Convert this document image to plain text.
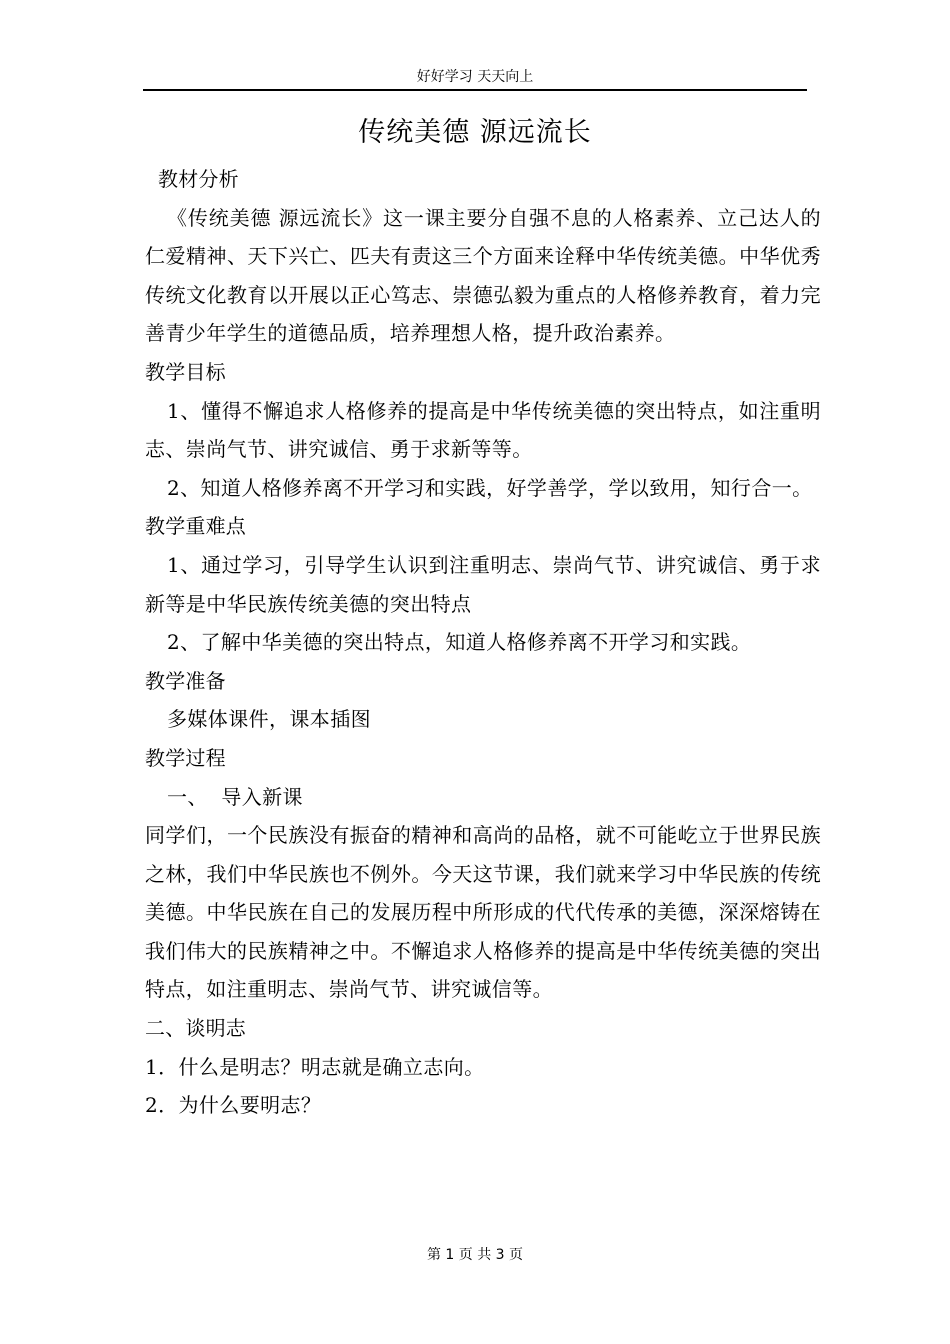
好好学习 天天向上
传统美德 源远流长

教材分析

《传统美德 源远流长》这一课主要分自强不息的人格素养、立己达人的仁爱精神、天下兴亡、匹夫有责这三个方面来诠释中华传统美德。中华优秀传统文化教育以开展以正心笃志、崇德弘毅为重点的人格修养教育，着力完善青少年学生的道德品质，培养理想人格，提升政治素养。

教学目标

1、懂得不懈追求人格修养的提高是中华传统美德的突出特点，如注重明志、崇尚气节、讲究诚信、勇于求新等等。

2、知道人格修养离不开学习和实践，好学善学，学以致用，知行合一。

教学重难点

1、通过学习，引导学生认识到注重明志、崇尚气节、讲究诚信、勇于求新等是中华民族传统美德的突出特点

2、了解中华美德的突出特点，知道人格修养离不开学习和实践。

教学准备

多媒体课件，课本插图

教学过程

一、  导入新课

同学们，一个民族没有振奋的精神和高尚的品格，就不可能屹立于世界民族之林，我们中华民族也不例外。今天这节课，我们就来学习中华民族的传统美德。中华民族在自己的发展历程中所形成的代代传承的美德，深深熔铸在我们伟大的民族精神之中。不懈追求人格修养的提高是中华传统美德的突出特点，如注重明志、崇尚气节、讲究诚信等。

二、谈明志

1．什么是明志？明志就是确立志向。

2．为什么要明志？

第 1 页 共 3 页
